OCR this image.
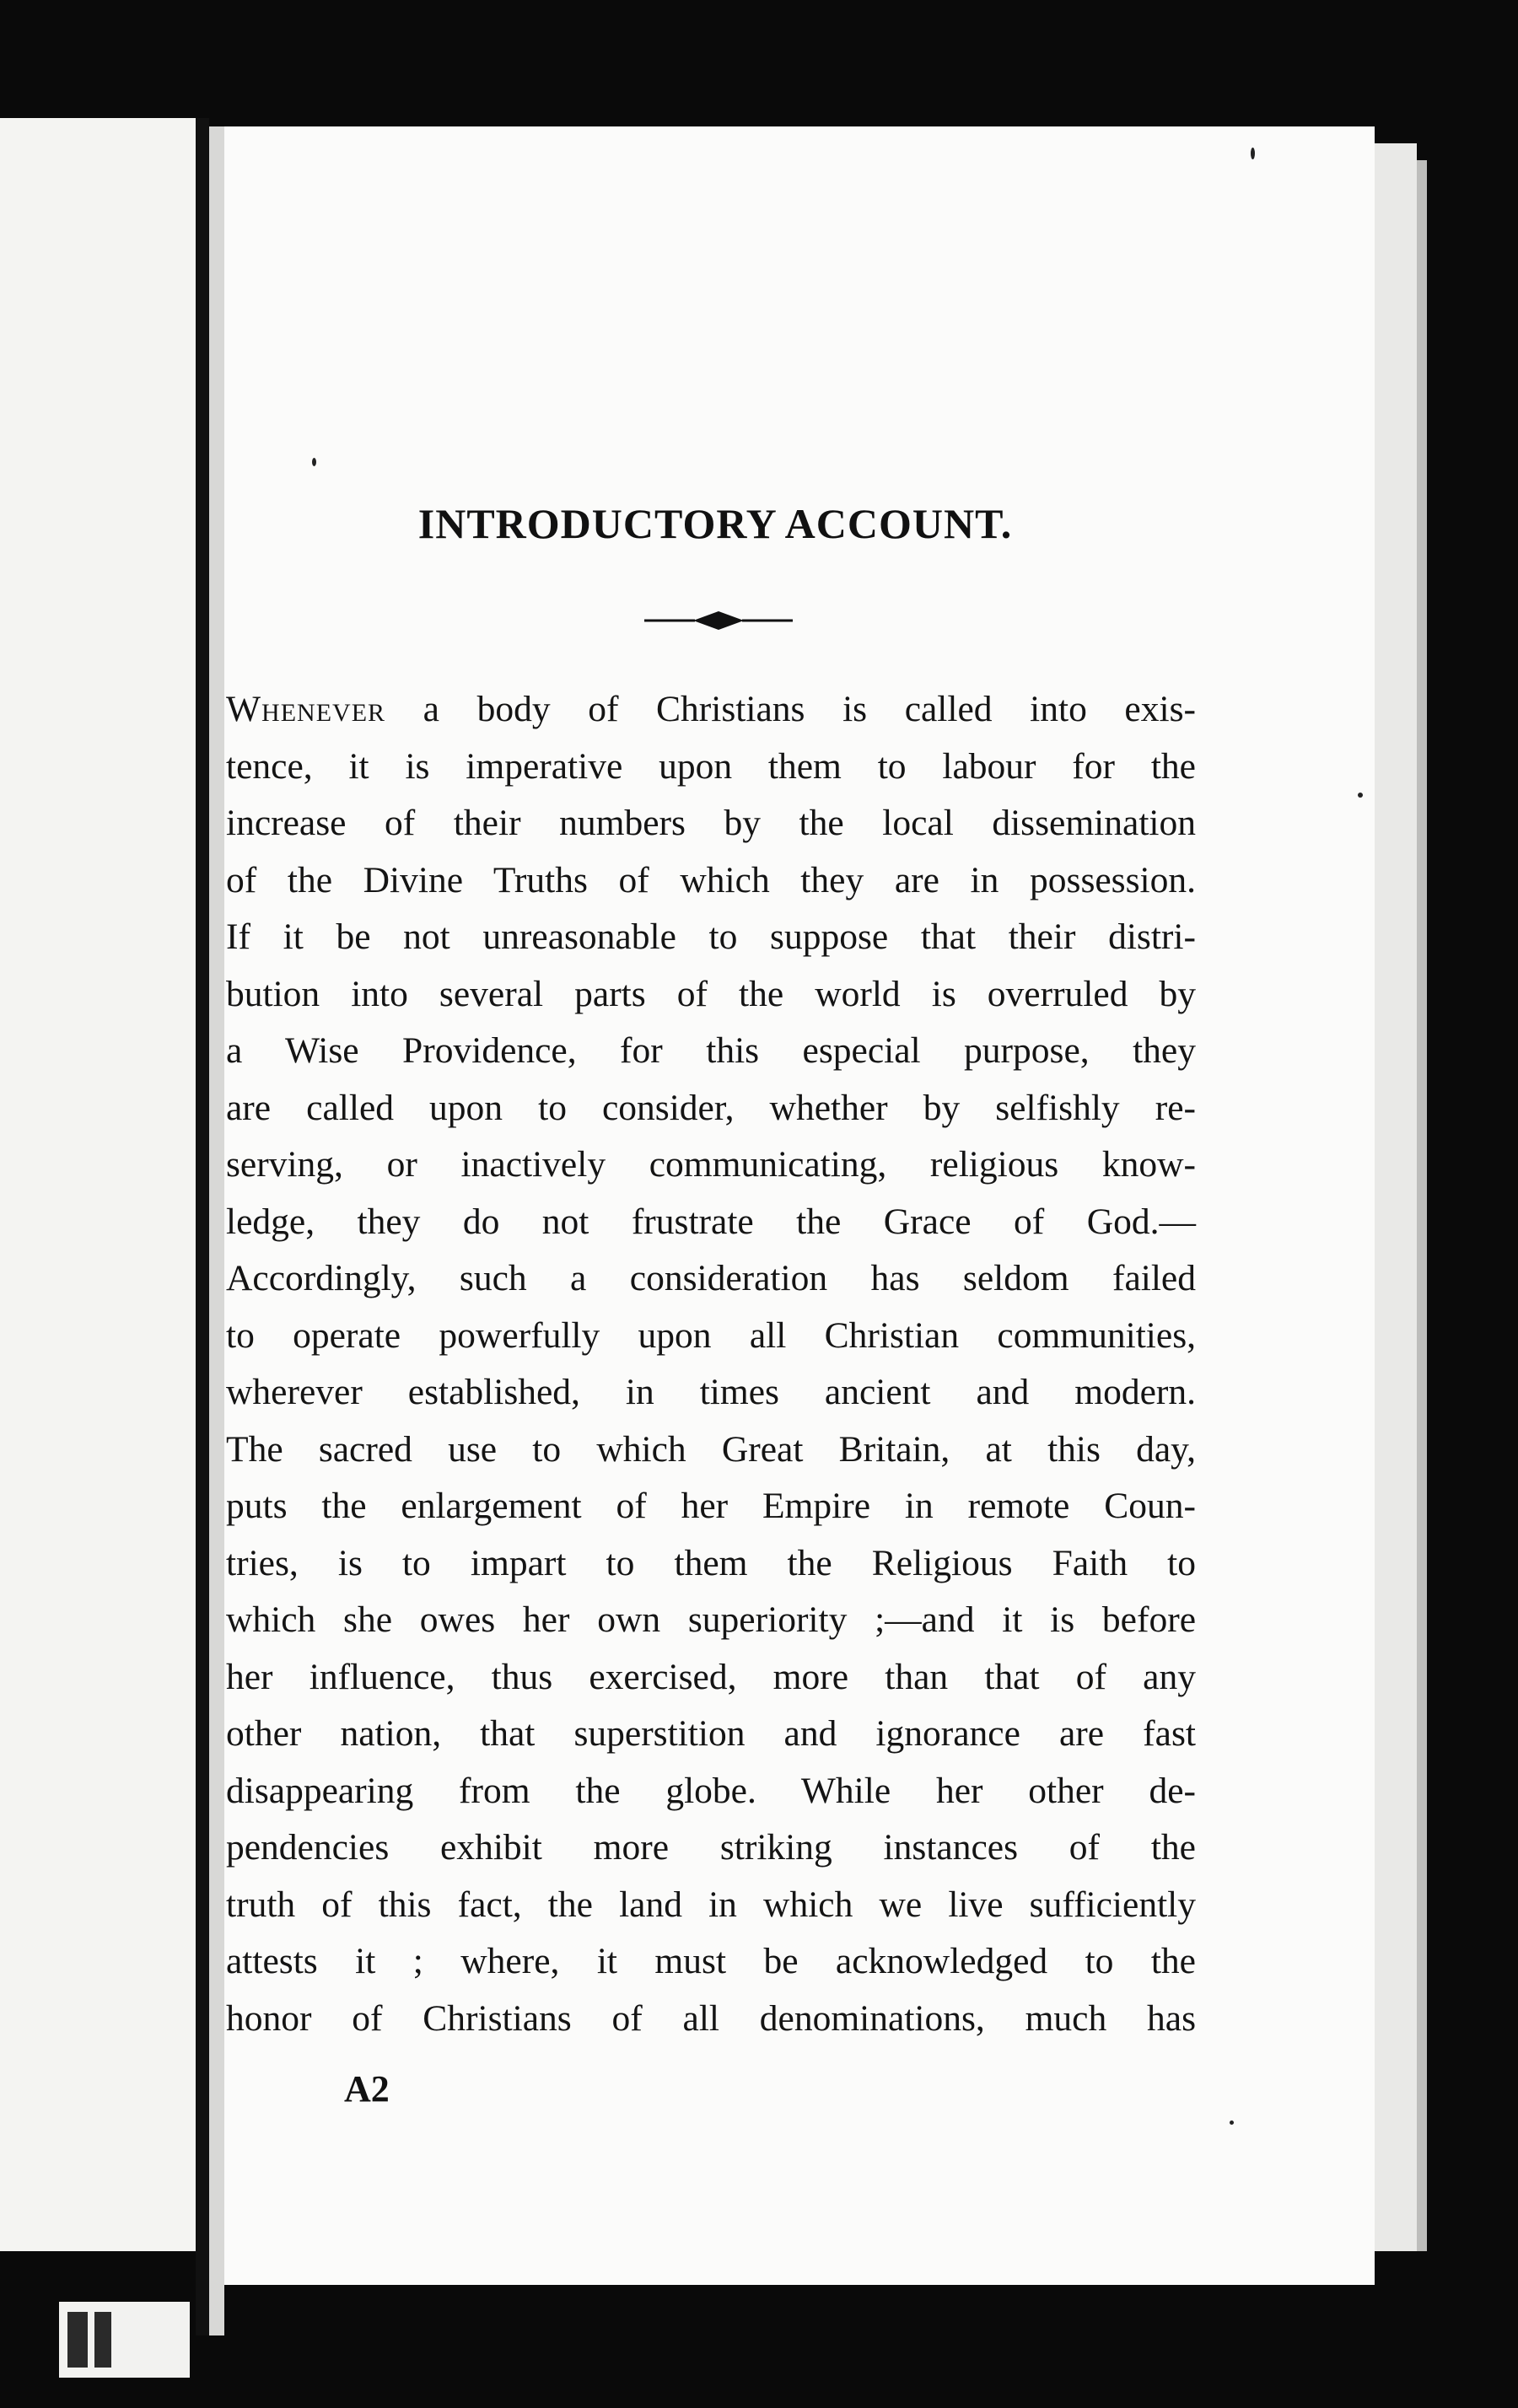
INTRODUCTORY ACCOUNT.
Whenever a body of Christians is called into exis-
tence, it is imperative upon them to labour for the
increase of their numbers by the local dissemination
of the Divine Truths of which they are in possession.
If it be not unreasonable to suppose that their distri-
bution into several parts of the world is overruled by
a Wise Providence, for this especial purpose, they
are called upon to consider, whether by selfishly re-
serving, or inactively communicating, religious know-
ledge, they do not frustrate the Grace of God.—
Accordingly, such a consideration has seldom failed
to operate powerfully upon all Christian communities,
wherever established, in times ancient and modern.
The sacred use to which Great Britain, at this day,
puts the enlargement of her Empire in remote Coun-
tries, is to impart to them the Religious Faith to
which she owes her own superiority ;—and it is before
her influence, thus exercised, more than that of any
other nation, that superstition and ignorance are fast
disappearing from the globe. While her other de-
pendencies exhibit more striking instances of the
truth of this fact, the land in which we live sufficiently
attests it ; where, it must be acknowledged to the
honor of Christians of all denominations, much has
A2
